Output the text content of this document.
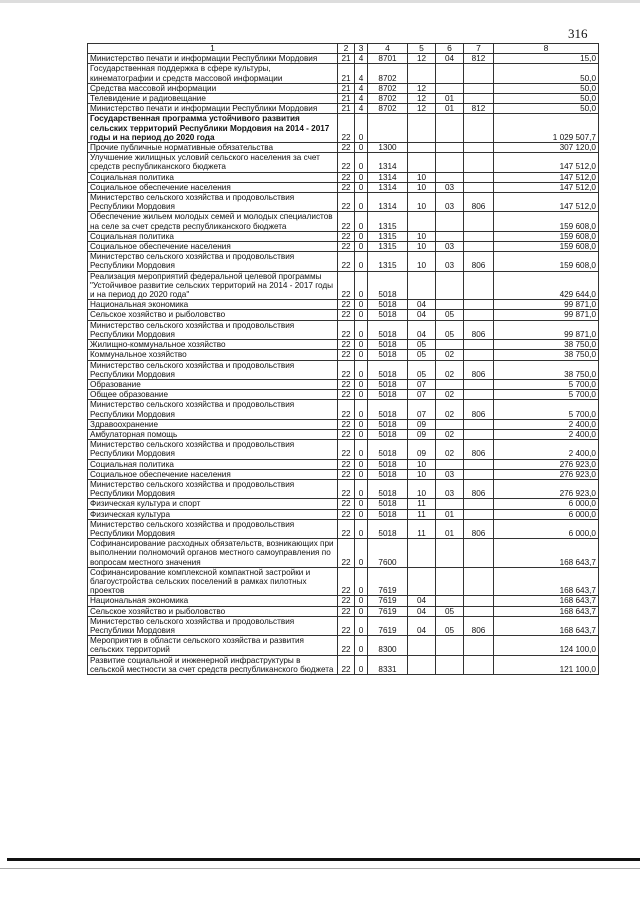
316
1	2	3	4	5	6	7	8
Министерство печати и информации Республики Мордовия	21	4	8701	12	04	812	15,0
Государственная поддержка в сфере культуры, кинематографии и средств массовой информации	21	4	8702				50,0
Средства массовой информации	21	4	8702	12			50,0
Телевидение и радиовещание	21	4	8702	12	01		50,0
Министерство печати и информации Республики Мордовия	21	4	8702	12	01	812	50,0
Государственная программа устойчивого развития сельских территорий Республики Мордовия на 2014 - 2017 годы и на период до 2020 года	22	0					1 029 507,7
Прочие публичные нормативные обязательства	22	0	1300				307 120,0
Улучшение жилищных условий сельского населения за счет средств республиканского бюджета	22	0	1314				147 512,0
Социальная политика	22	0	1314	10			147 512,0
Социальное обеспечение населения	22	0	1314	10	03		147 512,0
Министерство сельского хозяйства и продовольствия Республики Мордовия	22	0	1314	10	03	806	147 512,0
Обеспечение жильем молодых семей и молодых специалистов на селе за счет средств республиканского бюджета	22	0	1315				159 608,0
Социальная политика	22	0	1315	10			159 608,0
Социальное обеспечение населения	22	0	1315	10	03		159 608,0
Министерство сельского хозяйства и продовольствия Республики Мордовия	22	0	1315	10	03	806	159 608,0
Реализация мероприятий федеральной целевой программы "Устойчивое развитие сельских территорий на 2014 - 2017 годы и на период до 2020 года"	22	0	5018				429 644,0
Национальная экономика	22	0	5018	04			99 871,0
Сельское хозяйство и рыболовство	22	0	5018	04	05		99 871,0
Министерство сельского хозяйства и продовольствия Республики Мордовия	22	0	5018	04	05	806	99 871,0
Жилищно-коммунальное хозяйство	22	0	5018	05			38 750,0
Коммунальное хозяйство	22	0	5018	05	02		38 750,0
Министерство сельского хозяйства и продовольствия Республики Мордовия	22	0	5018	05	02	806	38 750,0
Образование	22	0	5018	07			5 700,0
Общее образование	22	0	5018	07	02		5 700,0
Министерство сельского хозяйства и продовольствия Республики Мордовия	22	0	5018	07	02	806	5 700,0
Здравоохранение	22	0	5018	09			2 400,0
Амбулаторная помощь	22	0	5018	09	02		2 400,0
Министерство сельского хозяйства и продовольствия Республики Мордовия	22	0	5018	09	02	806	2 400,0
Социальная политика	22	0	5018	10			276 923,0
Социальное обеспечение населения	22	0	5018	10	03		276 923,0
Министерство сельского хозяйства и продовольствия Республики Мордовия	22	0	5018	10	03	806	276 923,0
Физическая культура и спорт	22	0	5018	11			6 000,0
Физическая культура	22	0	5018	11	01		6 000,0
Министерство сельского хозяйства и продовольствия Республики Мордовия	22	0	5018	11	01	806	6 000,0
Софинансирование расходных обязательств, возникающих при выполнении полномочий органов местного самоуправления по вопросам местного значения	22	0	7600				168 643,7
Софинансирование комплексной компактной застройки и благоустройства сельских поселений в рамках пилотных проектов	22	0	7619				168 643,7
Национальная экономика	22	0	7619	04			168 643,7
Сельское хозяйство и рыболовство	22	0	7619	04	05		168 643,7
Министерство сельского хозяйства и продовольствия Республики Мордовия	22	0	7619	04	05	806	168 643,7
Мероприятия в области сельского хозяйства и развития сельских территорий	22	0	8300				124 100,0
Развитие социальной и инженерной инфраструктуры в сельской местности за счет средств республиканского бюджета	22	0	8331				121 100,0
